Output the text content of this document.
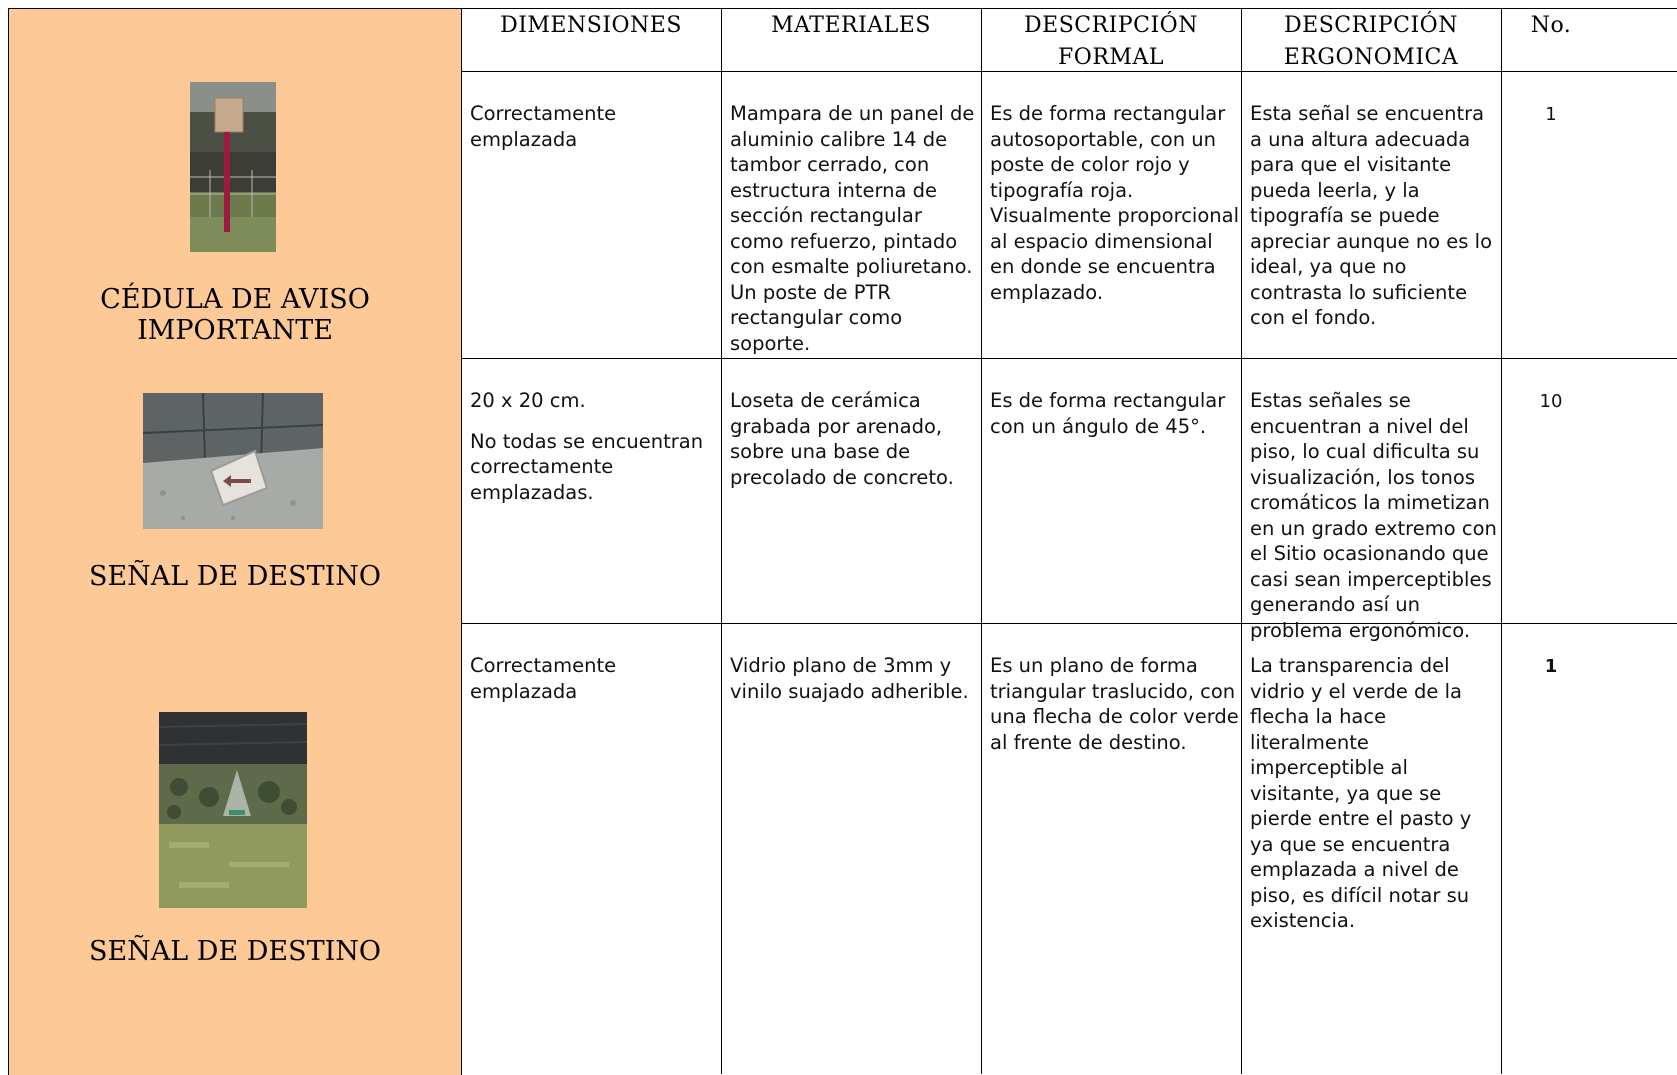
CÉDULA DE AVISO IMPORTANTE
SEÑAL DE DESTINO
SEÑAL DE DESTINO
DIMENSIONES	MATERIALES	DESCRIPCIÓN
FORMAL
DESCRIPCIÓN
ERGONOMICA
No.
Correctamente emplazada
Mampara de un panel de aluminio calibre 14 de tambor cerrado, con estructura interna de sección rectangular como refuerzo, pintado con esmalte poliuretano. Un poste de PTR rectangular como soporte.
Es de forma rectangular autosoportable, con un poste de color rojo y tipografía roja. Visualmente proporcional al espacio dimensional en donde se encuentra emplazado.
Esta señal se encuentra a una altura adecuada para que el visitante pueda leerla, y la tipografía se puede apreciar aunque no es lo ideal, ya que no contrasta lo suficiente con el fondo.
1
20 x 20 cm.
No todas se encuentran correctamente emplazadas.
Loseta de cerámica grabada por arenado, sobre una base de precolado de concreto.
Es de forma rectangular con un ángulo de 45°.
Estas señales se encuentran a nivel del piso, lo cual dificulta su visualización, los tonos cromáticos la mimetizan en un grado extremo con el Sitio ocasionando que casi sean imperceptibles generando así un problema ergonómico.
10
Correctamente emplazada
Vidrio plano de 3mm y vinilo suajado adherible.
Es un plano de forma triangular traslucido, con una flecha de color verde al frente de destino.
La transparencia del vidrio y el verde de la flecha la hace literalmente imperceptible al visitante, ya que se pierde entre el pasto y ya que se encuentra emplazada a nivel de piso, es difícil notar su existencia.
1
